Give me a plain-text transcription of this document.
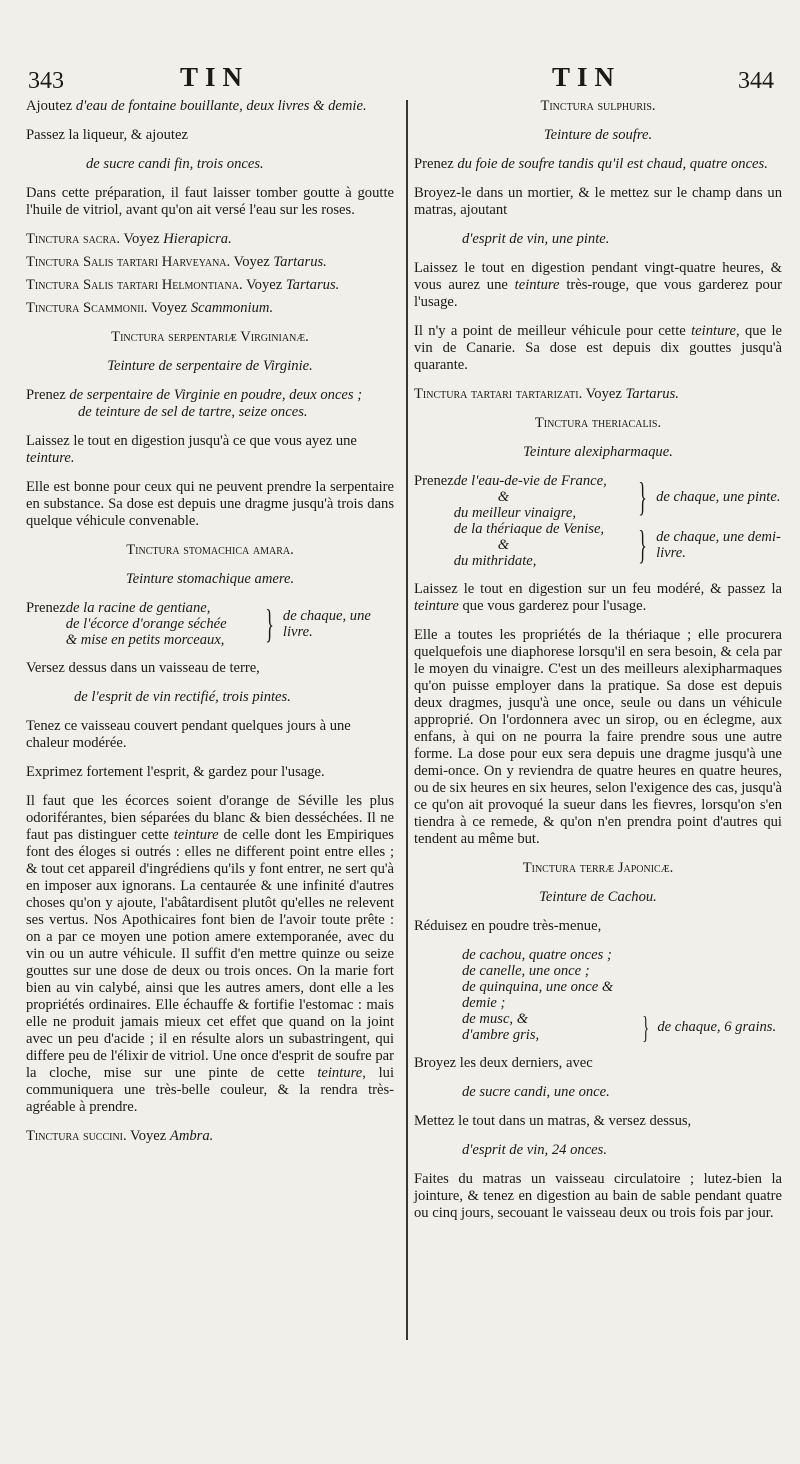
343	TIN	TIN	344

Ajoutez d'eau de fontaine bouillante, deux livres & demie.

Passez la liqueur, & ajoutez

de sucre candi fin, trois onces.

Dans cette préparation, il faut laisser tomber goutte à goutte l'huile de vitriol, avant qu'on ait versé l'eau sur les roses.

Tinctura sacra. Voyez Hierapicra.

Tinctura Salis tartari Harveyana. Voyez Tartarus.

Tinctura Salis tartari Helmontiana. Voyez Tartarus.

Tinctura Scammonii. Voyez Scammonium.

Tinctura serpentariæ Virginianæ.

Teinture de serpentaire de Virginie.

Prenez de serpentaire de Virginie en poudre, deux onces ;

de teinture de sel de tartre, seize onces.

Laissez le tout en digestion jusqu'à ce que vous ayez une teinture.

Elle est bonne pour ceux qui ne peuvent prendre la serpentaire en substance. Sa dose est depuis une dragme jusqu'à trois dans quelque véhicule convenable.

Tinctura stomachica amara.

Teinture stomachique amere.

Prenez	de la racine de gentiane,
de l'écorce d'orange séchée
& mise en petits morceaux,	}	de chaque, une livre.

Versez dessus dans un vaisseau de terre,

de l'esprit de vin rectifié, trois pintes.

Tenez ce vaisseau couvert pendant quelques jours à une chaleur modérée.

Exprimez fortement l'esprit, & gardez pour l'usage.

Il faut que les écorces soient d'orange de Séville les plus odoriférantes, bien séparées du blanc & bien desséchées. Il ne faut pas distinguer cette teinture de celle dont les Empiriques font des éloges si outrés : elles ne different point entre elles ; & tout cet appareil d'ingrédiens qu'ils y font entrer, ne sert qu'à en imposer aux ignorans. La centaurée & une infinité d'autres choses qu'on y ajoute, l'abâtardisent plutôt qu'elles ne relevent ses vertus. Nos Apothicaires font bien de l'avoir toute prête : on a par ce moyen une potion amere extemporanée, avec du vin ou un autre véhicule. Il suffit d'en mettre quinze ou seize gouttes sur une dose de deux ou trois onces. On la marie fort bien au vin calybé, ainsi que les autres amers, dont elle a les propriétés ordinaires. Elle échauffe & fortifie l'estomac : mais elle ne produit jamais mieux cet effet que quand on la joint avec un peu d'acide ; il en résulte alors un subastringent, qui differe peu de l'élixir de vitriol. Une once d'esprit de soufre par la cloche, mise sur une pinte de cette teinture, lui communiquera une très-belle couleur, & la rendra très-agréable à prendre.

Tinctura succini. Voyez Ambra.

Tinctura sulphuris.

Teinture de soufre.

Prenez du foie de soufre tandis qu'il est chaud, quatre onces.

Broyez-le dans un mortier, & le mettez sur le champ dans un matras, ajoutant

d'esprit de vin, une pinte.

Laissez le tout en digestion pendant vingt-quatre heures, & vous aurez une teinture très-rouge, que vous garderez pour l'usage.

Il n'y a point de meilleur véhicule pour cette teinture, que le vin de Canarie. Sa dose est depuis dix gouttes jusqu'à quarante.

Tinctura tartari tartarizati. Voyez Tartarus.

Tinctura theriacalis.

Teinture alexipharmaque.

Prenez	de l'eau-de-vie de France,
&
du meilleur vinaigre,	}	de chaque, une pinte.

	de la thériaque de Venise,
&
du mithridate,	}	de chaque, une demi-livre.

Laissez le tout en digestion sur un feu modéré, & passez la teinture que vous garderez pour l'usage.

Elle a toutes les propriétés de la thériaque ; elle procurera quelquefois une diaphorese lorsqu'il en sera besoin, & cela par le moyen du vinaigre. C'est un des meilleurs alexipharmaques qu'on puisse employer dans la pratique. Sa dose est depuis deux dragmes, jusqu'à une once, seule ou dans un véhicule approprié. On l'ordonnera avec un sirop, ou en éclegme, aux enfans, à qui on ne pourra la faire prendre sous une autre forme. La dose pour eux sera depuis une dragme jusqu'à une demi-once. On y reviendra de quatre heures en quatre heures, ou de six heures en six heures, selon l'exigence des cas, jusqu'à ce qu'on ait provoqué la sueur dans les fievres, lorsqu'on s'en tiendra à ce remede, & qu'on n'en prendra point d'autres qui tendent au même but.

Tinctura terræ Japonicæ.

Teinture de Cachou.

Réduisez en poudre très-menue,

de cachou, quatre onces ;
de canelle, une once ;
de quinquina, une once & demie ;		

de musc, &
d'ambre gris,	}	de chaque, 6 grains.

Broyez les deux derniers, avec

de sucre candi, une once.

Mettez le tout dans un matras, & versez dessus,

d'esprit de vin, 24 onces.

Faites du matras un vaisseau circulatoire ; lutez-bien la jointure, & tenez en digestion au bain de sable pendant quatre ou cinq jours, secouant le vaisseau deux ou trois fois par jour.
